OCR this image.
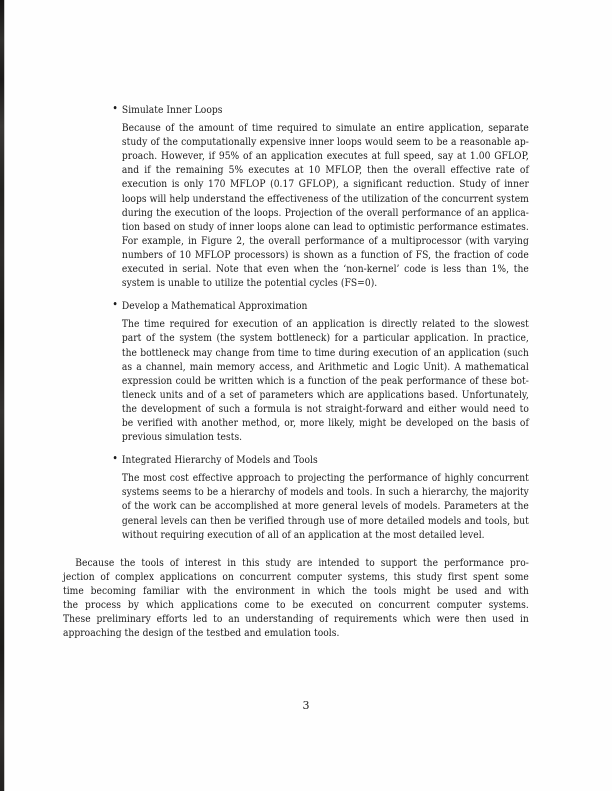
• Simulate Inner Loops
Because of the amount of time required to simulate an entire application, separate
study of the computationally expensive inner loops would seem to be a reasonable ap-
proach. However, if 95% of an application executes at full speed, say at 1.00 GFLOP,
and if the remaining 5% executes at 10 MFLOP, then the overall effective rate of
execution is only 170 MFLOP (0.17 GFLOP), a significant reduction. Study of inner
loops will help understand the effectiveness of the utilization of the concurrent system
during the execution of the loops. Projection of the overall performance of an applica-
tion based on study of inner loops alone can lead to optimistic performance estimates.
For example, in Figure 2, the overall performance of a multiprocessor (with varying
numbers of 10 MFLOP processors) is shown as a function of FS, the fraction of code
executed in serial. Note that even when the ‘non-kernel’ code is less than 1%, the
system is unable to utilize the potential cycles (FS=0).
• Develop a Mathematical Approximation
The time required for execution of an application is directly related to the slowest
part of the system (the system bottleneck) for a particular application. In practice,
the bottleneck may change from time to time during execution of an application (such
as a channel, main memory access, and Arithmetic and Logic Unit). A mathematical
expression could be written which is a function of the peak performance of these bot-
tleneck units and of a set of parameters which are applications based. Unfortunately,
the development of such a formula is not straight-forward and either would need to
be verified with another method, or, more likely, might be developed on the basis of
previous simulation tests.
• Integrated Hierarchy of Models and Tools
The most cost effective approach to projecting the performance of highly concurrent
systems seems to be a hierarchy of models and tools. In such a hierarchy, the majority
of the work can be accomplished at more general levels of models. Parameters at the
general levels can then be verified through use of more detailed models and tools, but
without requiring execution of all of an application at the most detailed level.
Because the tools of interest in this study are intended to support the performance pro-
jection of complex applications on concurrent computer systems, this study first spent some
time becoming familiar with the environment in which the tools might be used and with
the process by which applications come to be executed on concurrent computer systems.
These preliminary efforts led to an understanding of requirements which were then used in
approaching the design of the testbed and emulation tools.
3
